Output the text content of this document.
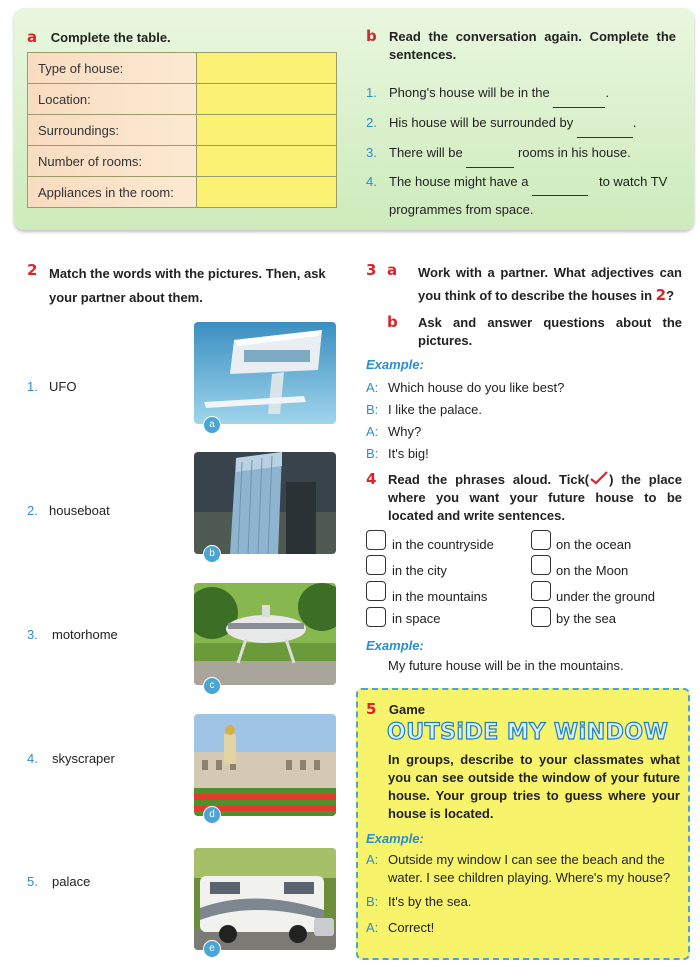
a Complete the table.
Type of house:	
Location:	
Surroundings:	
Number of rooms:	
Appliances in the room:	
b Read the conversation again. Complete the sentences.
1. Phong's house will be in the	.
2. His house will be surrounded by	.
3. There will be	rooms in his house.
4. The house might have a	to watch TV
programmes from space.
2 Match the words with the pictures. Then, ask your partner about them.
1. UFO
2. houseboat
3. motorhome
4. skyscraper
5. palace
a
b
c
d
e
3 a Work with a partner. What adjectives can you think of to describe the houses in 2?
b Ask and answer questions about the pictures.
Example:
A: Which house do you like best?
B: I like the palace.
A: Why?
B: It's big!
4 Read the phrases aloud. Tick( ) the place where you want your future house to be located and write sentences.
in the countryside
in the city
in the mountains
in space
on the ocean
on the Moon
under the ground
by the sea
Example:
My future house will be in the mountains.
5 Game
OUTSiDE MY WiNDOW
In groups, describe to your classmates what you can see outside the window of your future house. Your group tries to guess where your house is located.
Example:
A: Outside my window I can see the beach and the water. I see children playing. Where's my house?
B: It's by the sea.
A: Correct!
